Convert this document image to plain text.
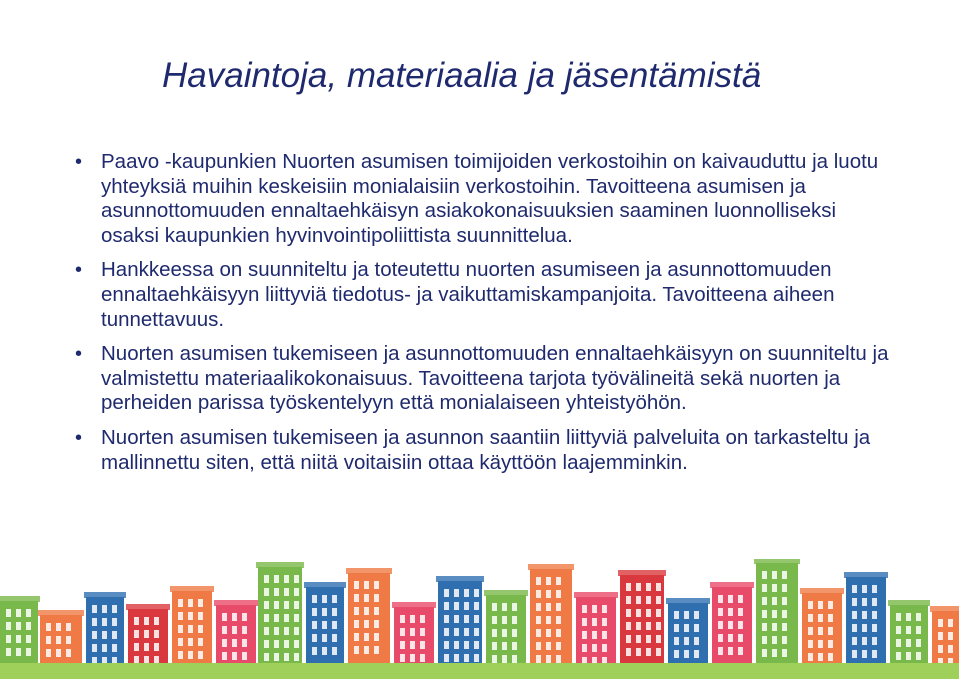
Havaintoja, materiaalia ja jäsentämistä
• Paavo -kaupunkien Nuorten asumisen toimijoiden verkostoihin on kaivauduttu ja luotu yhteyksiä muihin keskeisiin monialaisiin verkostoihin. Tavoitteena asumisen ja asunnottomuuden ennaltaehkäisyn asiakokonaisuuksien saaminen luonnolliseksi osaksi kaupunkien hyvinvointipoliittista suunnittelua.
• Hankkeessa on suunniteltu ja toteutettu nuorten asumiseen ja asunnottomuuden ennaltaehkäisyyn liittyviä tiedotus- ja vaikuttamiskampanjoita. Tavoitteena aiheen tunnettavuus.
• Nuorten asumisen tukemiseen ja asunnottomuuden ennaltaehkäisyyn on suunniteltu ja valmistettu materiaalikokonaisuus. Tavoitteena tarjota työvälineitä sekä nuorten ja perheiden parissa työskentelyyn että monialaiseen yhteistyöhön.
• Nuorten asumisen tukemiseen ja asunnon saantiin liittyviä palveluita on tarkasteltu ja mallinnettu siten, että niitä voitaisiin ottaa käyttöön laajemminkin.
